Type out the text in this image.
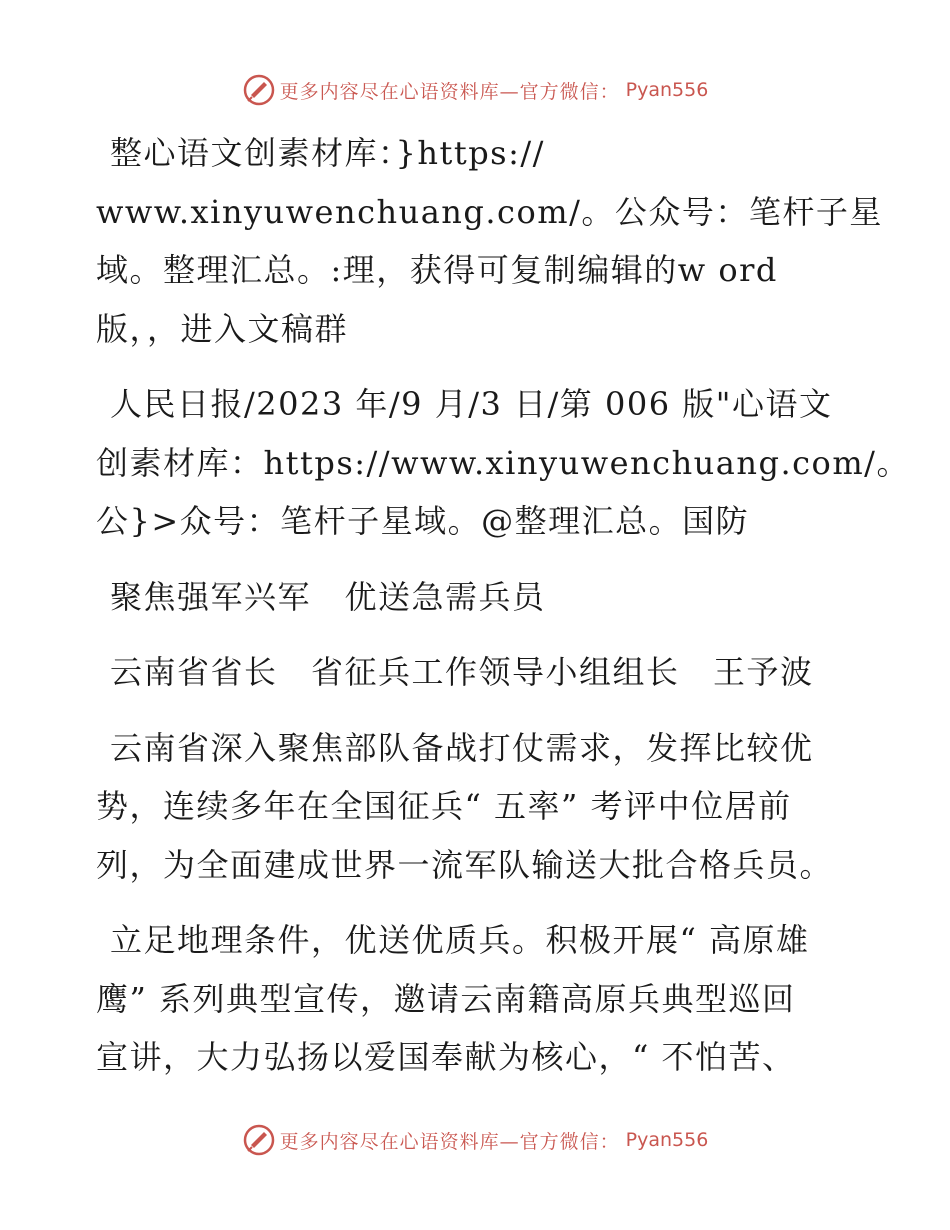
更多内容尽在心语资料库—官方微信： Pyan556
整心语文创素材库：}https://
www.xinyuwenchuang.com/。公众号：笔杆子星
域。整理汇总。:理，获得可复制编辑的w ord
版，，进入文稿群
人民日报/2023 年/9 月/3 日/第 006 版"心语文
创素材库：https://www.xinyuwenchuang.com/。
公}>众号：笔杆子星域。@整理汇总。国防
聚焦强军兴军　优送急需兵员
云南省省长　省征兵工作领导小组组长　王予波
云南省深入聚焦部队备战打仗需求，发挥比较优
势，连续多年在全国征兵“ 五率” 考评中位居前
列，为全面建成世界一流军队输送大批合格兵员。
立足地理条件，优送优质兵。积极开展“ 高原雄
鹰” 系列典型宣传，邀请云南籍高原兵典型巡回
宣讲，大力弘扬以爱国奉献为核心，“ 不怕苦、
更多内容尽在心语资料库—官方微信： Pyan556
